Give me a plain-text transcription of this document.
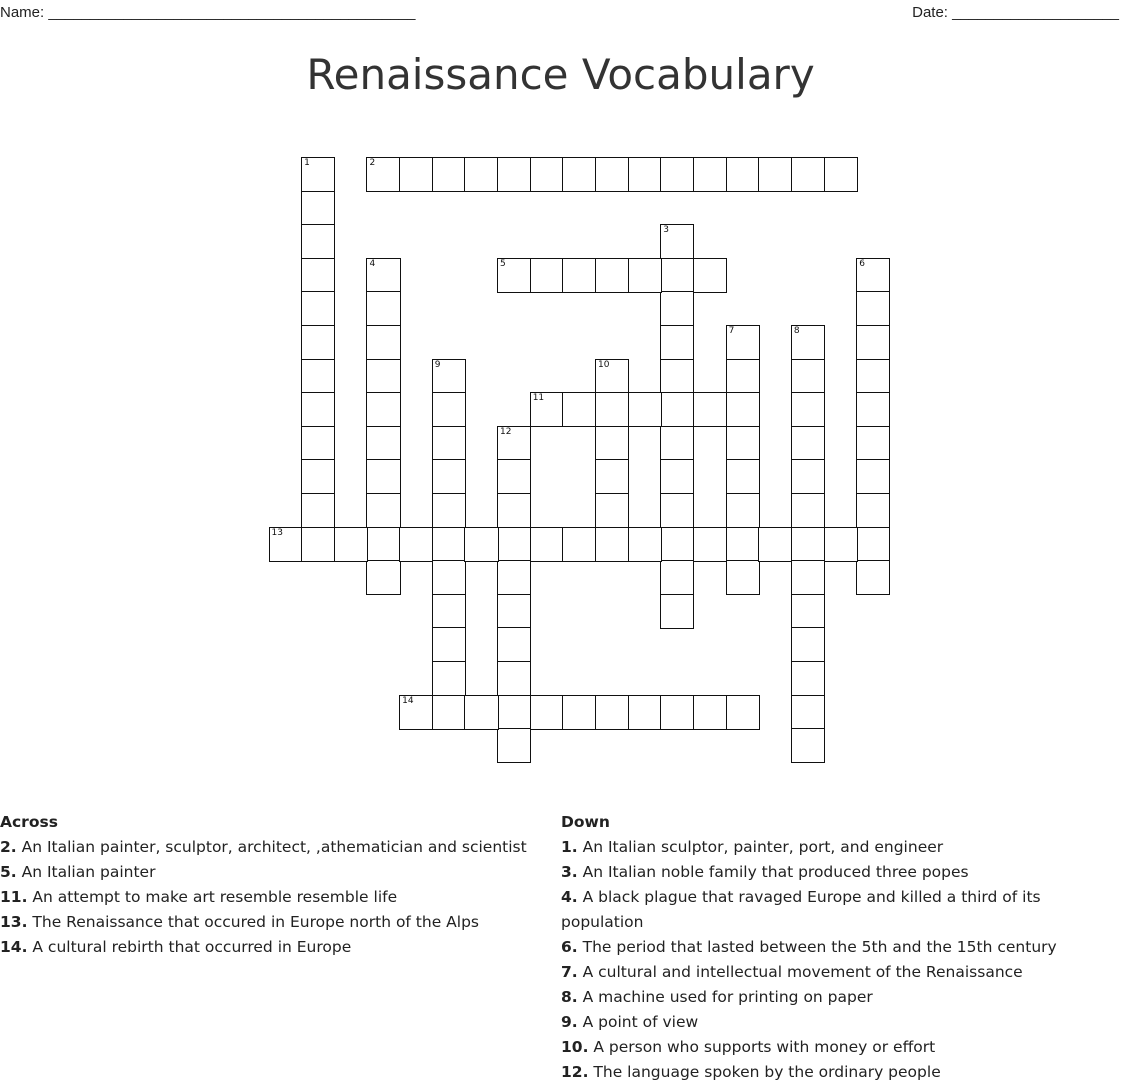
Name: ____________________________________________	Date: ____________________
Renaissance Vocabulary
1	2
3
4	5	6
7	8
9	10
11
12
13
14
Across
2. An Italian painter, sculptor, architect, ,athematician and scientist
5. An Italian painter
11. An attempt to make art resemble resemble life
13. The Renaissance that occured in Europe north of the Alps
14. A cultural rebirth that occurred in Europe
Down
1. An Italian sculptor, painter, port, and engineer
3. An Italian noble family that produced three popes
4. A black plague that ravaged Europe and killed a third of its population
6. The period that lasted between the 5th and the 15th century
7. A cultural and intellectual movement of the Renaissance
8. A machine used for printing on paper
9. A point of view
10. A person who supports with money or effort
12. The language spoken by the ordinary people
